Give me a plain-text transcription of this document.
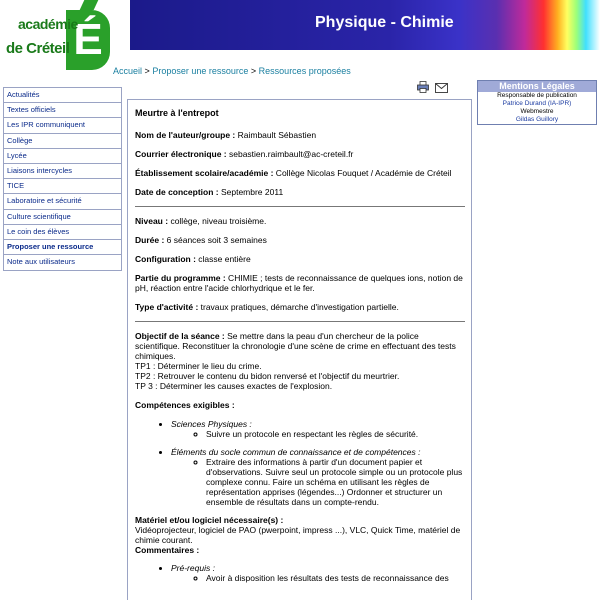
Physique - Chimie
É
académie
de Créteil
Accueil > Proposer une ressource > Ressources proposées
Actualités
Textes officiels
Les IPR communiquent
Collège
Lycée
Liaisons intercycles
TICE
Laboratoire et sécurité
Culture scientifique
Le coin des élèves
Proposer une ressource
Note aux utilisateurs
Mentions Légales
Responsable de publication
Patrice Durand (IA-IPR)
Webmestre
Gildas Guillory
Meurtre à l'entrepot
Nom de l'auteur/groupe : Raimbault Sébastien
Courrier électronique : sebastien.raimbault@ac-creteil.fr
Établissement scolaire/académie : Collège Nicolas Fouquet / Académie de Créteil
Date de conception : Septembre 2011
Niveau : collège, niveau troisième.
Durée : 6 séances soit 3 semaines
Configuration : classe entière
Partie du programme : CHIMIE ; tests de reconnaissance de quelques ions, notion de pH, réaction entre l'acide chlorhydrique et le fer.
Type d'activité : travaux pratiques, démarche d'investigation partielle.
Objectif de la séance : Se mettre dans la peau d'un chercheur de la police scientifique. Reconstituer la chronologie d'une scène de crime en effectuant des tests chimiques.
TP1 : Déterminer le lieu du crime.
TP2 : Retrouver le contenu du bidon renversé et l'objectif du meurtrier.
TP 3 : Déterminer les causes exactes de l'explosion.
Compétences exigibles :
• Sciences Physiques :
◦ Suivre un protocole en respectant les règles de sécurité.
• Éléments du socle commun de connaissance et de compétences :
◦ Extraire des informations à partir d'un document papier et d'observations. Suivre seul un protocole simple ou un protocole plus complexe connu. Faire un schéma en utilisant les règles de représentation apprises (légendes...) Ordonner et structurer un ensemble de résultats dans un compte-rendu.
Matériel et/ou logiciel nécessaire(s) :
Vidéoprojecteur, logiciel de PAO (pwerpoint, impress ...), VLC, Quick Time, matériel de chimie courant.
Commentaires :
• Pré-requis :
◦ Avoir à disposition les résultats des tests de reconnaissance des
